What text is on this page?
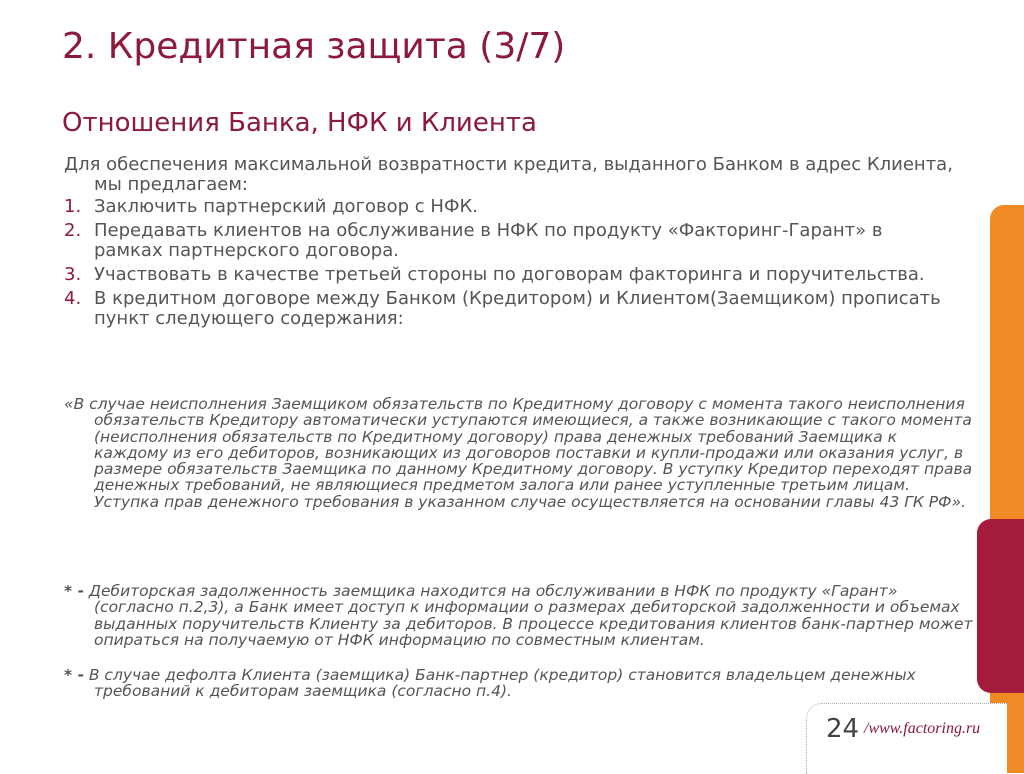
2. Кредитная защита (3/7)
Отношения Банка, НФК и Клиента
Для обеспечения максимальной возвратности кредита, выданного Банком в адрес Клиента, мы предлагаем:
1. Заключить партнерский договор с НФК.
2. Передавать клиентов на обслуживание в НФК по продукту «Факторинг-Гарант» в рамках партнерского договора.
3. Участвовать в качестве третьей стороны по договорам факторинга и поручительства.
4. В кредитном договоре между Банком (Кредитором) и Клиентом(Заемщиком) прописать пункт следующего содержания:
«В случае неисполнения Заемщиком обязательств по Кредитному договору с момента такого неисполнения обязательств Кредитору автоматически уступаются имеющиеся, а также возникающие с такого момента (неисполнения обязательств по Кредитному договору) права денежных требований Заемщика к каждому из его дебиторов, возникающих из договоров поставки и купли-продажи или оказания услуг, в размере обязательств Заемщика по данному Кредитному договору. В уступку Кредитор переходят права денежных требований, не являющиеся предметом залога или ранее уступленные третьим лицам. Уступка прав денежного требования в указанном случае осуществляется на основании главы 43 ГК РФ».
* - Дебиторская задолженность заемщика находится на обслуживании в НФК по продукту «Гарант» (согласно п.2,3), а Банк имеет доступ к информации о размерах дебиторской задолженности и объемах выданных поручительств Клиенту за дебиторов. В процессе кредитования клиентов банк-партнер может опираться на получаемую от НФК информацию по совместным клиентам.
* - В случае дефолта Клиента (заемщика) Банк-партнер (кредитор) становится владельцем денежных требований к дебиторам заемщика (согласно п.4).
24 /www.factoring.ru
